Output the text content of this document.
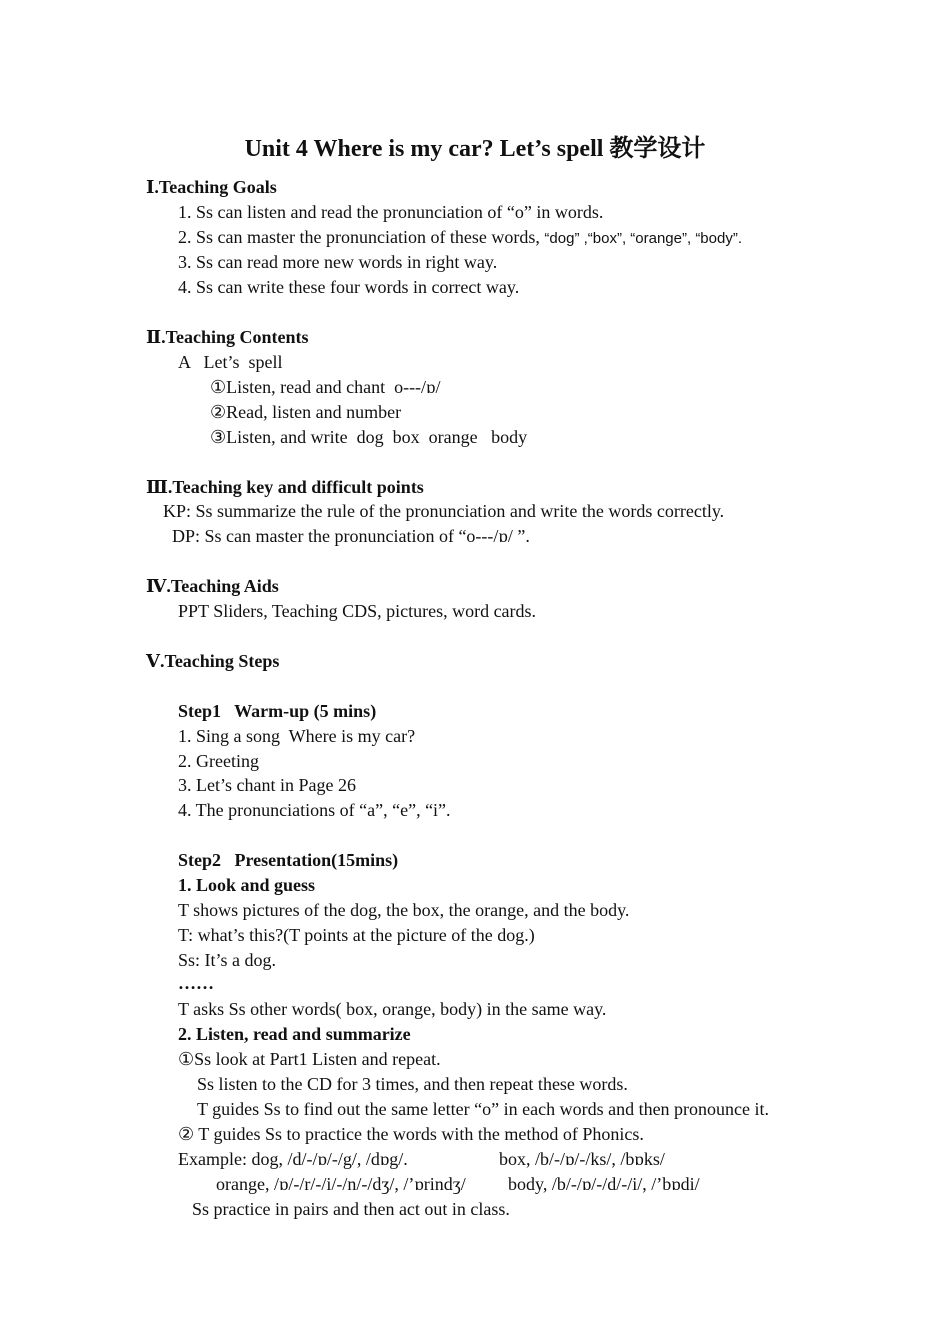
Unit 4 Where is my car? Let’s spell 教学设计
Ⅰ.Teaching Goals
1. Ss can listen and read the pronunciation of “o” in words.
2. Ss can master the pronunciation of these words, “dog” ,“box”, “orange”, “body”.
3. Ss can read more new words in right way.
4. Ss can write these four words in correct way.
Ⅱ.Teaching Contents
A   Let’s  spell
①Listen, read and chant  o---/ɒ/
②Read, listen and number
③Listen, and write  dog  box  orange   body
Ⅲ.Teaching key and difficult points
KP: Ss summarize the rule of the pronunciation and write the words correctly.
DP: Ss can master the pronunciation of “o---/ɒ/ ”.
Ⅳ.Teaching Aids
PPT Sliders, Teaching CDS, pictures, word cards.
Ⅴ.Teaching Steps
Step1   Warm-up (5 mins)
1. Sing a song  Where is my car?
2. Greeting
3. Let’s chant in Page 26
4. The pronunciations of “a”, “e”, “i”.
Step2   Presentation(15mins)
1. Look and guess
T shows pictures of the dog, the box, the orange, and the body.
T: what’s this?(T points at the picture of the dog.)
Ss: It’s a dog.
……
T asks Ss other words( box, orange, body) in the same way.
2. Listen, read and summarize
①Ss look at Part1 Listen and repeat.
Ss listen to the CD for 3 times, and then repeat these words.
T guides Ss to find out the same letter “o” in each words and then pronounce it.
② T guides Ss to practice the words with the method of Phonics.
Example: dog, /d/-/ɒ/-/g/, /dɒg/.	box, /b/-/ɒ/-/ks/, /bɒks/
orange, /ɒ/-/r/-/i/-/n/-/dʒ/, /’ɒrindʒ/ body, /b/-/ɒ/-/d/-/i/, /’bɒdi/
Ss practice in pairs and then act out in class.
